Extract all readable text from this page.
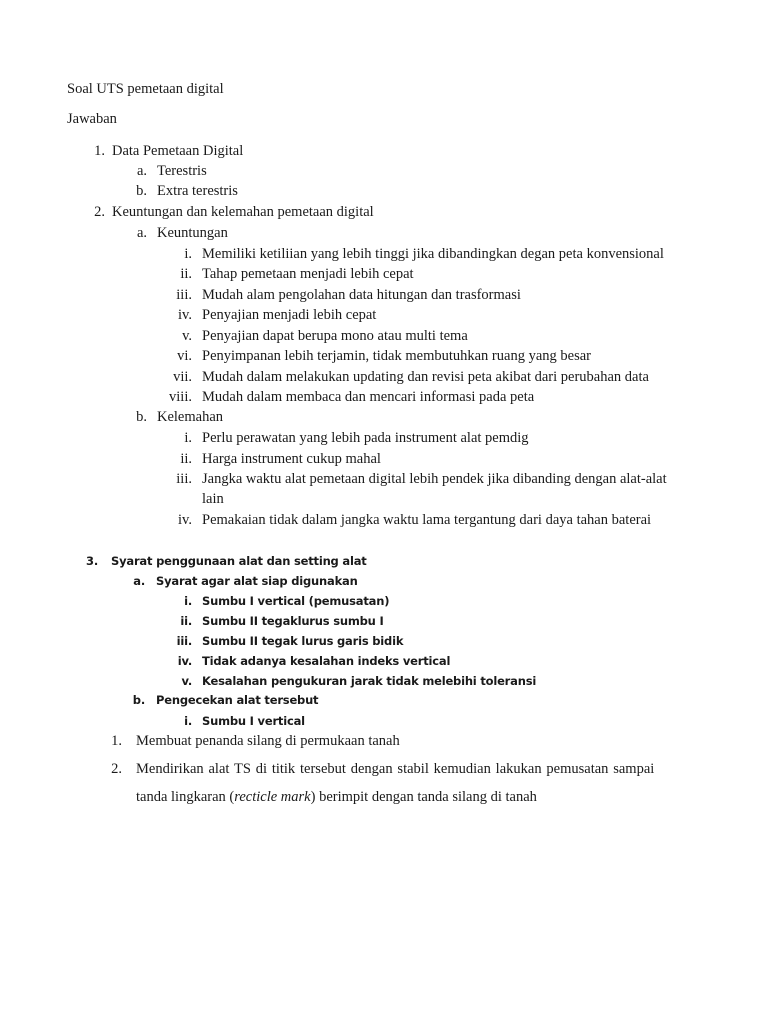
Soal UTS pemetaan digital
Jawaban
1. Data Pemetaan Digital
a. Terestris
b. Extra terestris
2. Keuntungan dan kelemahan pemetaan digital
a. Keuntungan
i. Memiliki ketiliian yang lebih tinggi jika dibandingkan degan peta konvensional
ii. Tahap pemetaan menjadi lebih cepat
iii. Mudah alam pengolahan data hitungan dan trasformasi
iv. Penyajian menjadi lebih cepat
v. Penyajian dapat berupa mono atau multi tema
vi. Penyimpanan lebih terjamin, tidak membutuhkan ruang yang besar
vii. Mudah dalam melakukan updating dan revisi peta akibat dari perubahan data
viii. Mudah dalam membaca dan mencari informasi pada peta
b. Kelemahan
i. Perlu perawatan yang lebih pada instrument alat pemdig
ii. Harga instrument cukup mahal
iii. Jangka waktu alat pemetaan digital lebih pendek jika dibanding dengan alat-alat
lain
iv. Pemakaian tidak dalam jangka waktu lama tergantung dari daya tahan baterai
3. Syarat penggunaan alat dan setting alat
a. Syarat agar alat siap digunakan
i. Sumbu I vertical (pemusatan)
ii. Sumbu II tegaklurus sumbu I
iii. Sumbu II tegak lurus garis bidik
iv. Tidak adanya kesalahan indeks vertical
v. Kesalahan pengukuran jarak tidak melebihi toleransi
b. Pengecekan alat tersebut
i. Sumbu I vertical
1. Membuat penanda silang di permukaan tanah
2. Mendirikan alat TS di titik tersebut dengan stabil kemudian lakukan pemusatan sampai
tanda lingkaran (recticle mark) berimpit dengan tanda silang di tanah
